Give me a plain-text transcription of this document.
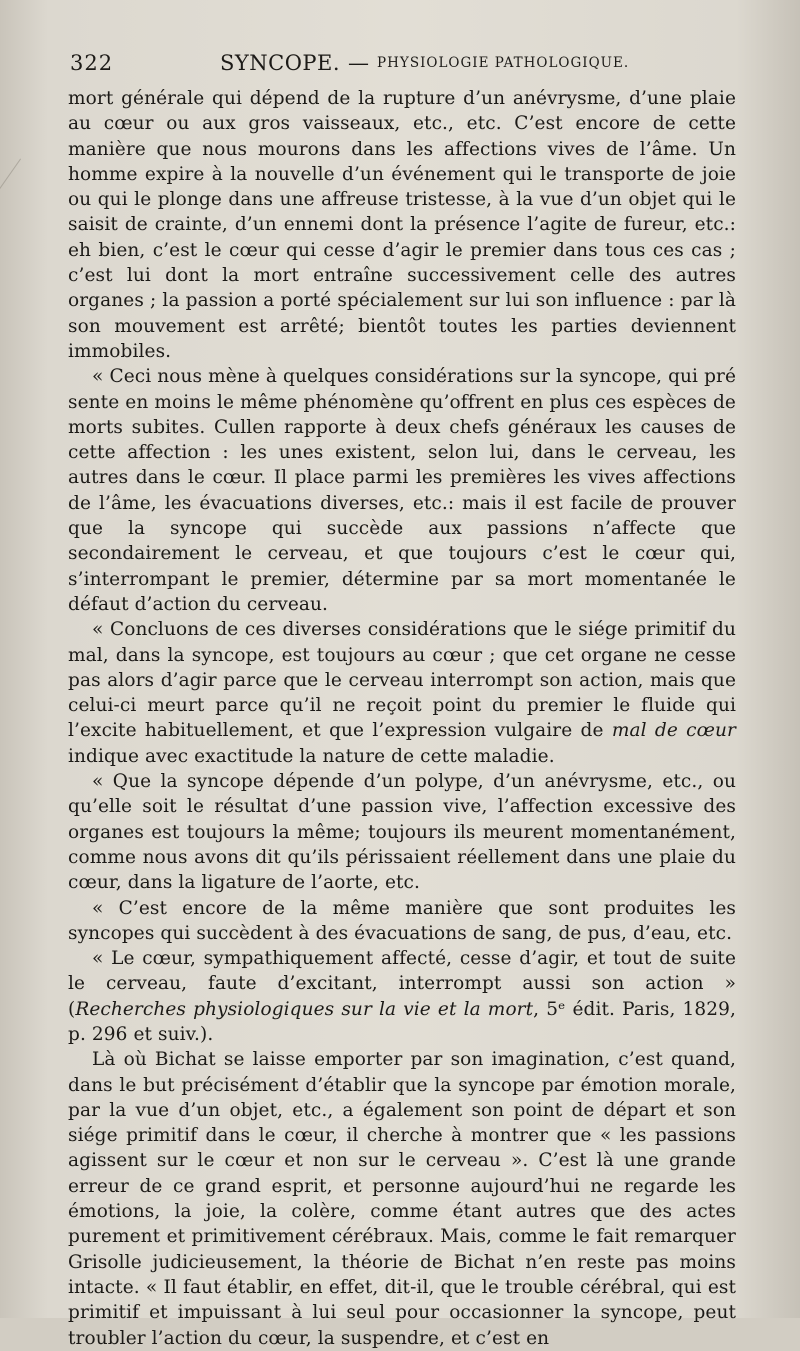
322	SYNCOPE. — PHYSIOLOGIE PATHOLOGIQUE.

mort générale qui dépend de la rupture d’un anévrysme, d’une plaie au cœur ou aux gros vaisseaux, etc., etc. C’est encore de cette manière que nous mourons dans les affections vives de l’âme. Un homme expire à la nouvelle d’un événement qui le transporte de joie ou qui le plonge dans une affreuse tristesse, à la vue d’un objet qui le saisit de crainte, d’un ennemi dont la présence l’agite de fureur, etc.: eh bien, c’est le cœur qui cesse d’agir le premier dans tous ces cas ; c’est lui dont la mort entraîne successivement celle des autres organes ; la passion a porté spécialement sur lui son influence : par là son mouvement est arrêté; bientôt toutes les parties deviennent immobiles.

« Ceci nous mène à quelques considérations sur la syncope, qui pré sente en moins le même phénomène qu’offrent en plus ces espèces de morts subites. Cullen rapporte à deux chefs généraux les causes de cette affection : les unes existent, selon lui, dans le cerveau, les autres dans le cœur. Il place parmi les premières les vives affections de l’âme, les évacuations diverses, etc.: mais il est facile de prouver que la syncope qui succède aux passions n’affecte que secondairement le cerveau, et que toujours c’est le cœur qui, s’interrompant le premier, détermine par sa mort momentanée le défaut d’action du cerveau.

« Concluons de ces diverses considérations que le siége primitif du mal, dans la syncope, est toujours au cœur ; que cet organe ne cesse pas alors d’agir parce que le cerveau interrompt son action, mais que celui-ci meurt parce qu’il ne reçoit point du premier le fluide qui l’excite habituellement, et que l’expression vulgaire de mal de cœur indique avec exactitude la nature de cette maladie.

« Que la syncope dépende d’un polype, d’un anévrysme, etc., ou qu’elle soit le résultat d’une passion vive, l’affection excessive des organes est toujours la même; toujours ils meurent momentanément, comme nous avons dit qu’ils périssaient réellement dans une plaie du cœur, dans la ligature de l’aorte, etc.

« C’est encore de la même manière que sont produites les syncopes qui succèdent à des évacuations de sang, de pus, d’eau, etc.

« Le cœur, sympathiquement affecté, cesse d’agir, et tout de suite le cerveau, faute d’excitant, interrompt aussi son action » (Recherches physiologiques sur la vie et la mort, 5ᵉ édit. Paris, 1829, p. 296 et suiv.).

Là où Bichat se laisse emporter par son imagination, c’est quand, dans le but précisément d’établir que la syncope par émotion morale, par la vue d’un objet, etc., a également son point de départ et son siége primitif dans le cœur, il cherche à montrer que « les passions agissent sur le cœur et non sur le cerveau ». C’est là une grande erreur de ce grand esprit, et personne aujourd’hui ne regarde les émotions, la joie, la colère, comme étant autres que des actes purement et primitivement cérébraux. Mais, comme le fait remarquer Grisolle judicieusement, la théorie de Bichat n’en reste pas moins intacte. « Il faut établir, en effet, dit-il, que le trouble cérébral, qui est primitif et impuissant à lui seul pour occasionner la syncope, peut troubler l’action du cœur, la suspendre, et c’est en
